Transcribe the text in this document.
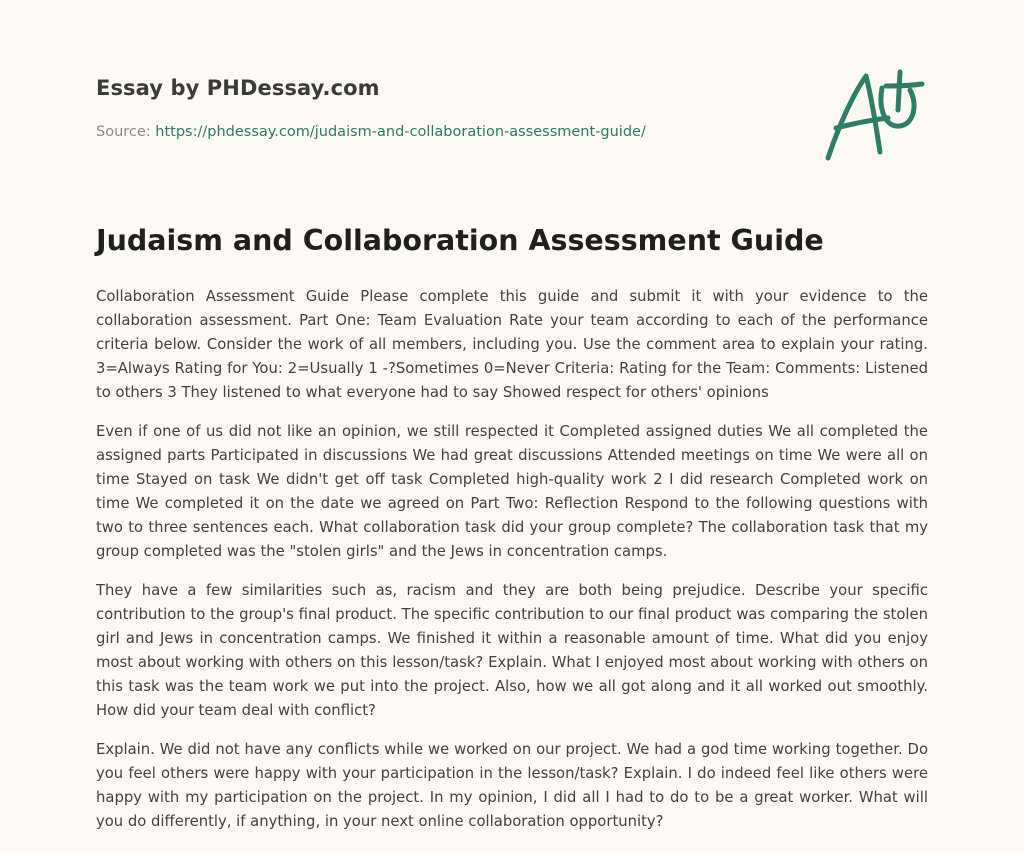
Essay by PHDessay.com
Source: https://phdessay.com/judaism-and-collaboration-assessment-guide/
Judaism and Collaboration Assessment Guide

Collaboration Assessment Guide Please complete this guide and submit it with your evidence to the collaboration assessment. Part One: Team Evaluation Rate your team according to each of the performance criteria below. Consider the work of all members, including you. Use the comment area to explain your rating. 3=Always Rating for You: 2=Usually 1 -?Sometimes 0=Never Criteria: Rating for the Team: Comments: Listened to others 3 They listened to what everyone had to say Showed respect for others' opinions

Even if one of us did not like an opinion, we still respected it Completed assigned duties We all completed the assigned parts Participated in discussions We had great discussions Attended meetings on time We were all on time Stayed on task We didn't get off task Completed high-quality work 2 I did research Completed work on time We completed it on the date we agreed on Part Two: Reflection Respond to the following questions with two to three sentences each. What collaboration task did your group complete? The collaboration task that my group completed was the "stolen girls" and the Jews in concentration camps.

They have a few similarities such as, racism and they are both being prejudice. Describe your specific contribution to the group's final product. The specific contribution to our final product was comparing the stolen girl and Jews in concentration camps. We finished it within a reasonable amount of time. What did you enjoy most about working with others on this lesson/task? Explain. What I enjoyed most about working with others on this task was the team work we put into the project. Also, how we all got along and it all worked out smoothly. How did your team deal with conflict?

Explain. We did not have any conflicts while we worked on our project. We had a god time working together. Do you feel others were happy with your participation in the lesson/task? Explain. I do indeed feel like others were happy with my participation on the project. In my opinion, I did all I had to do to be a great worker. What will you do differently, if anything, in your next online collaboration opportunity?
